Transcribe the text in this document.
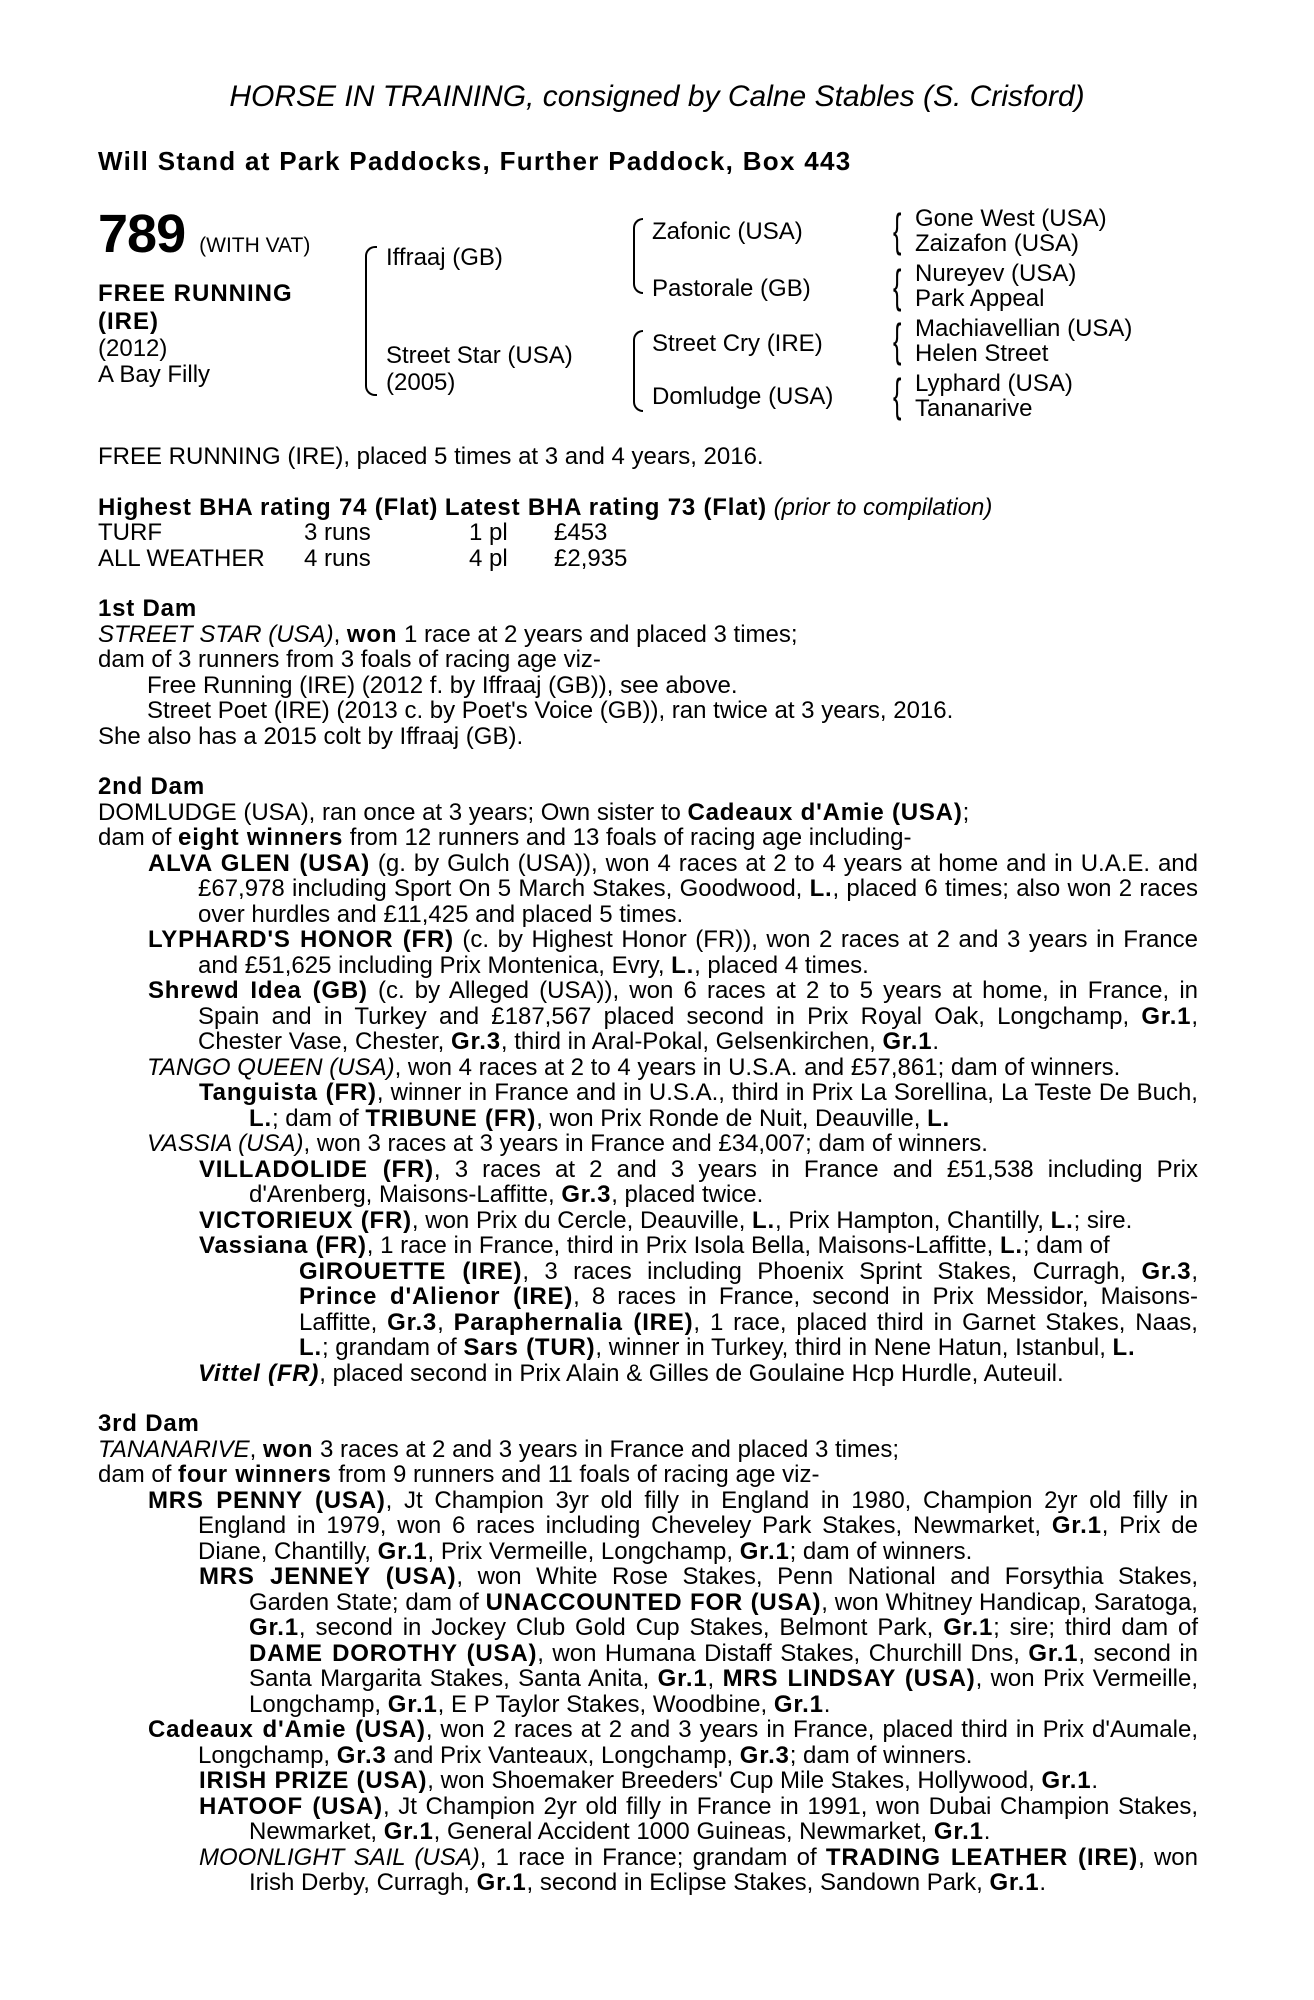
HORSE IN TRAINING, consigned by Calne Stables (S. Crisford)
Will Stand at Park Paddocks, Further Paddock, Box 443
789 (WITH VAT)
FREE RUNNING
(IRE)
(2012)
A Bay Filly
Iffraaj (GB)
Street Star (USA)
(2005)
Zafonic (USA)
Pastorale (GB)
Street Cry (IRE)
Domludge (USA)
{ Gone West (USA)
Zaizafon (USA)
{ Nureyev (USA)
Park Appeal
{ Machiavellian (USA)
Helen Street
{ Lyphard (USA)
Tananarive

FREE RUNNING (IRE), placed 5 times at 3 and 4 years, 2016.

Highest BHA rating 74 (Flat) Latest BHA rating 73 (Flat) (prior to compilation)

TURF	3 runs	1 pl	£453
ALL WEATHER	4 runs	4 pl	£2,935

1st Dam

STREET STAR (USA), won 1 race at 2 years and placed 3 times;

dam of 3 runners from 3 foals of racing age viz-

Free Running (IRE) (2012 f. by Iffraaj (GB)), see above.

Street Poet (IRE) (2013 c. by Poet's Voice (GB)), ran twice at 3 years, 2016.

She also has a 2015 colt by Iffraaj (GB).

2nd Dam

DOMLUDGE (USA), ran once at 3 years; Own sister to Cadeaux d'Amie (USA);

dam of eight winners from 12 runners and 13 foals of racing age including-

ALVA GLEN (USA) (g. by Gulch (USA)), won 4 races at 2 to 4 years at home and in U.A.E. and £67,978 including Sport On 5 March Stakes, Goodwood, L., placed 6 times; also won 2 races over hurdles and £11,425 and placed 5 times.

LYPHARD'S HONOR (FR) (c. by Highest Honor (FR)), won 2 races at 2 and 3 years in France and £51,625 including Prix Montenica, Evry, L., placed 4 times.

Shrewd Idea (GB) (c. by Alleged (USA)), won 6 races at 2 to 5 years at home, in France, in Spain and in Turkey and £187,567 placed second in Prix Royal Oak, Longchamp, Gr.1, Chester Vase, Chester, Gr.3, third in Aral-Pokal, Gelsenkirchen, Gr.1.

TANGO QUEEN (USA), won 4 races at 2 to 4 years in U.S.A. and £57,861; dam of winners.

Tanguista (FR), winner in France and in U.S.A., third in Prix La Sorellina, La Teste De Buch, L.; dam of TRIBUNE (FR), won Prix Ronde de Nuit, Deauville, L.

VASSIA (USA), won 3 races at 3 years in France and £34,007; dam of winners.

VILLADOLIDE (FR), 3 races at 2 and 3 years in France and £51,538 including Prix d'Arenberg, Maisons-Laffitte, Gr.3, placed twice.

VICTORIEUX (FR), won Prix du Cercle, Deauville, L., Prix Hampton, Chantilly, L.; sire.

Vassiana (FR), 1 race in France, third in Prix Isola Bella, Maisons-Laffitte, L.; dam of

GIROUETTE (IRE), 3 races including Phoenix Sprint Stakes, Curragh, Gr.3, Prince d'Alienor (IRE), 8 races in France, second in Prix Messidor, Maisons-Laffitte, Gr.3, Paraphernalia (IRE), 1 race, placed third in Garnet Stakes, Naas, L.; grandam of Sars (TUR), winner in Turkey, third in Nene Hatun, Istanbul, L.

Vittel (FR), placed second in Prix Alain & Gilles de Goulaine Hcp Hurdle, Auteuil.

3rd Dam

TANANARIVE, won 3 races at 2 and 3 years in France and placed 3 times;

dam of four winners from 9 runners and 11 foals of racing age viz-

MRS PENNY (USA), Jt Champion 3yr old filly in England in 1980, Champion 2yr old filly in England in 1979, won 6 races including Cheveley Park Stakes, Newmarket, Gr.1, Prix de Diane, Chantilly, Gr.1, Prix Vermeille, Longchamp, Gr.1; dam of winners.

MRS JENNEY (USA), won White Rose Stakes, Penn National and Forsythia Stakes, Garden State; dam of UNACCOUNTED FOR (USA), won Whitney Handicap, Saratoga, Gr.1, second in Jockey Club Gold Cup Stakes, Belmont Park, Gr.1; sire; third dam of DAME DOROTHY (USA), won Humana Distaff Stakes, Churchill Dns, Gr.1, second in Santa Margarita Stakes, Santa Anita, Gr.1, MRS LINDSAY (USA), won Prix Vermeille, Longchamp, Gr.1, E P Taylor Stakes, Woodbine, Gr.1.

Cadeaux d'Amie (USA), won 2 races at 2 and 3 years in France, placed third in Prix d'Aumale, Longchamp, Gr.3 and Prix Vanteaux, Longchamp, Gr.3; dam of winners.

IRISH PRIZE (USA), won Shoemaker Breeders' Cup Mile Stakes, Hollywood, Gr.1.

HATOOF (USA), Jt Champion 2yr old filly in France in 1991, won Dubai Champion Stakes, Newmarket, Gr.1, General Accident 1000 Guineas, Newmarket, Gr.1.

MOONLIGHT SAIL (USA), 1 race in France; grandam of TRADING LEATHER (IRE), won Irish Derby, Curragh, Gr.1, second in Eclipse Stakes, Sandown Park, Gr.1.
